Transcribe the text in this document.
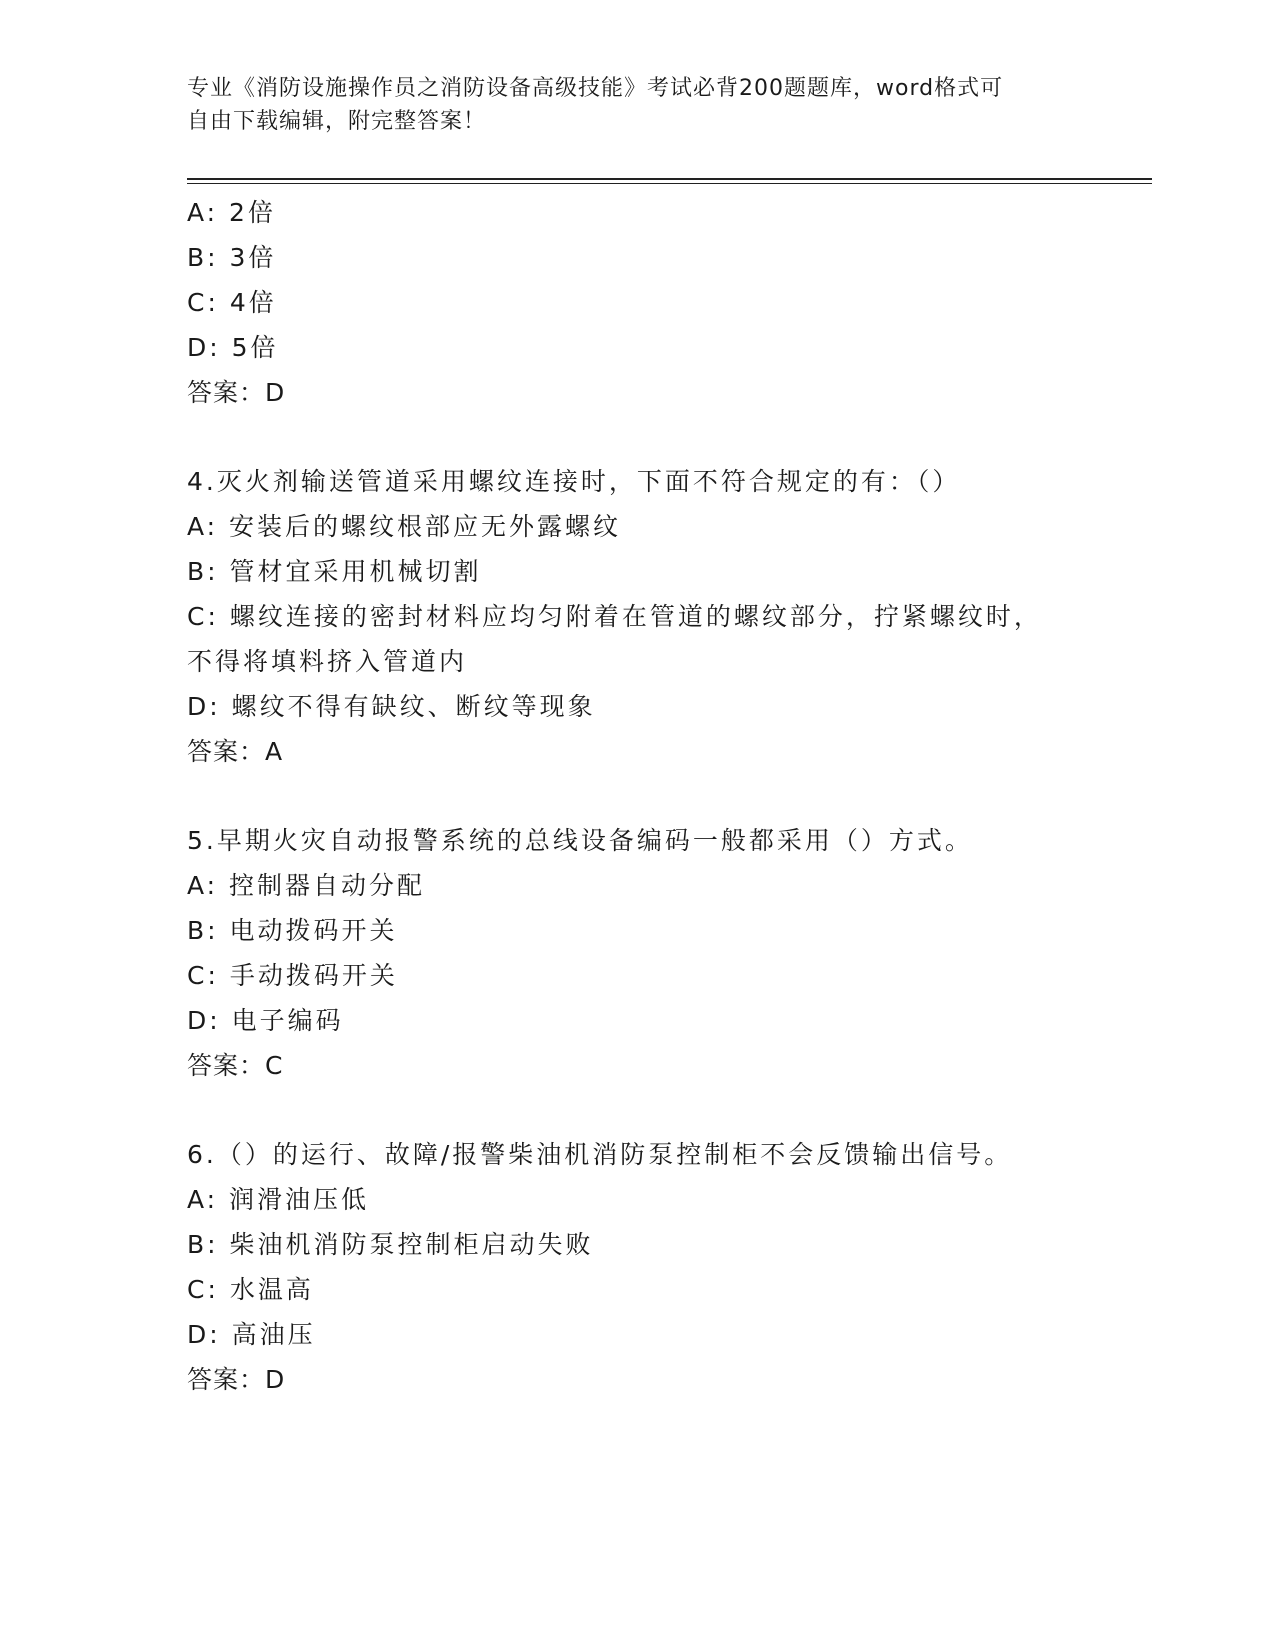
专业《消防设施操作员之消防设备高级技能》考试必背200题题库，word格式可
自由下载编辑，附完整答案！
A: 2倍
B: 3倍
C: 4倍
D: 5倍
答案：D
4.灭火剂输送管道采用螺纹连接时，下面不符合规定的有：（）
A: 安装后的螺纹根部应无外露螺纹
B: 管材宜采用机械切割
C: 螺纹连接的密封材料应均匀附着在管道的螺纹部分，拧紧螺纹时，
不得将填料挤入管道内
D: 螺纹不得有缺纹、断纹等现象
答案：A
5.早期火灾自动报警系统的总线设备编码一般都采用（）方式。
A: 控制器自动分配
B: 电动拨码开关
C: 手动拨码开关
D: 电子编码
答案：C
6.（）的运行、故障/报警柴油机消防泵控制柜不会反馈输出信号。
A: 润滑油压低
B: 柴油机消防泵控制柜启动失败
C: 水温高
D: 高油压
答案：D
